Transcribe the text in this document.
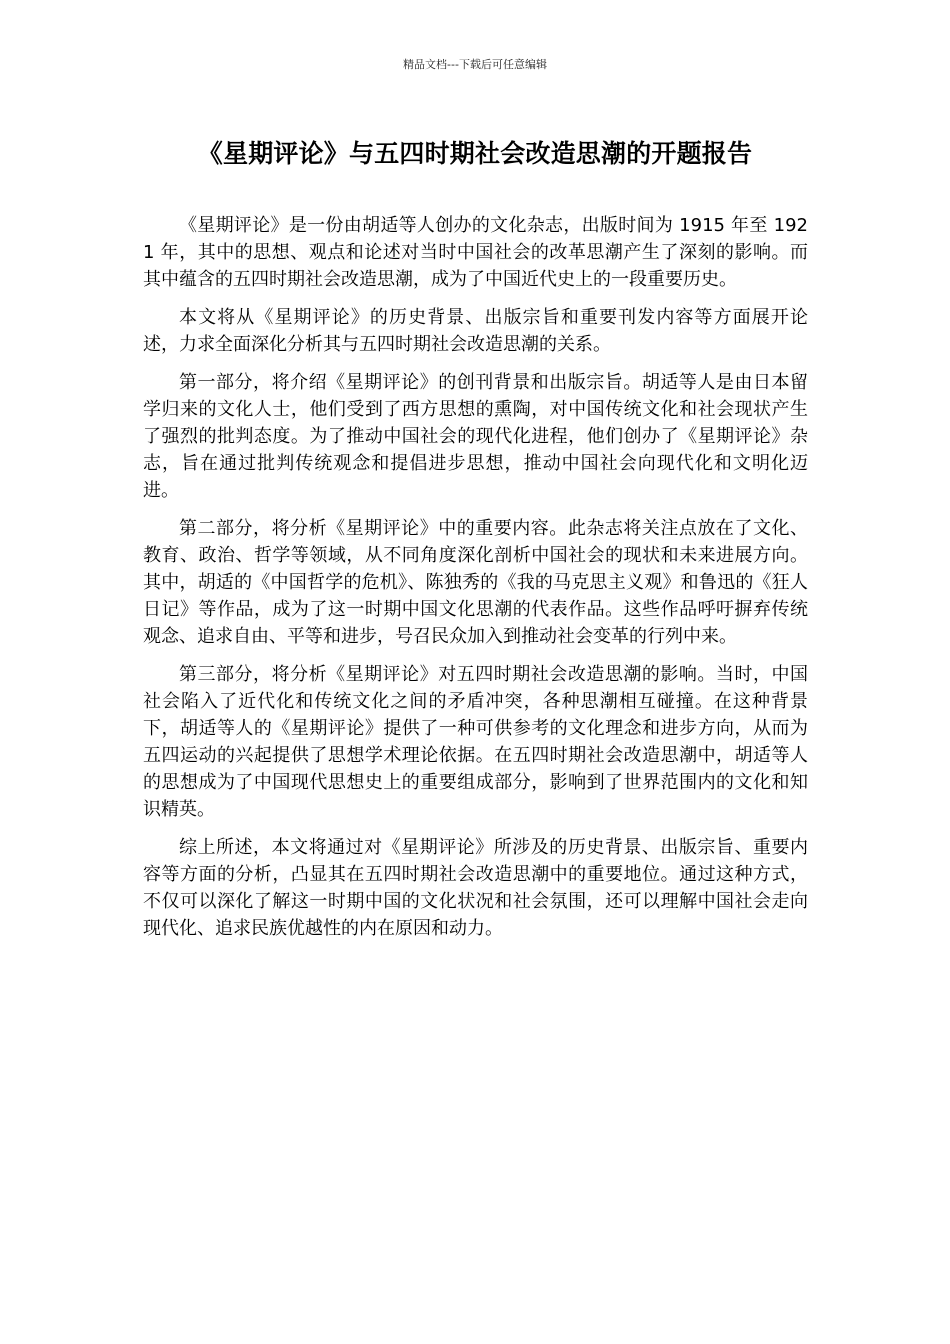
精品文档---下载后可任意编辑
《星期评论》与五四时期社会改造思潮的开题报告

《星期评论》是一份由胡适等人创办的文化杂志，出版时间为 1915 年至 1921 年，其中的思想、观点和论述对当时中国社会的改革思潮产生了深刻的影响。而其中蕴含的五四时期社会改造思潮，成为了中国近代史上的一段重要历史。

本文将从《星期评论》的历史背景、出版宗旨和重要刊发内容等方面展开论述，力求全面深化分析其与五四时期社会改造思潮的关系。

第一部分，将介绍《星期评论》的创刊背景和出版宗旨。胡适等人是由日本留学归来的文化人士，他们受到了西方思想的熏陶，对中国传统文化和社会现状产生了强烈的批判态度。为了推动中国社会的现代化进程，他们创办了《星期评论》杂志，旨在通过批判传统观念和提倡进步思想，推动中国社会向现代化和文明化迈进。

第二部分，将分析《星期评论》中的重要内容。此杂志将关注点放在了文化、教育、政治、哲学等领域，从不同角度深化剖析中国社会的现状和未来进展方向。其中，胡适的《中国哲学的危机》、陈独秀的《我的马克思主义观》和鲁迅的《狂人日记》等作品，成为了这一时期中国文化思潮的代表作品。这些作品呼吁摒弃传统观念、追求自由、平等和进步，号召民众加入到推动社会变革的行列中来。

第三部分，将分析《星期评论》对五四时期社会改造思潮的影响。当时，中国社会陷入了近代化和传统文化之间的矛盾冲突，各种思潮相互碰撞。在这种背景下，胡适等人的《星期评论》提供了一种可供参考的文化理念和进步方向，从而为五四运动的兴起提供了思想学术理论依据。在五四时期社会改造思潮中，胡适等人的思想成为了中国现代思想史上的重要组成部分，影响到了世界范围内的文化和知识精英。

综上所述，本文将通过对《星期评论》所涉及的历史背景、出版宗旨、重要内容等方面的分析，凸显其在五四时期社会改造思潮中的重要地位。通过这种方式，不仅可以深化了解这一时期中国的文化状况和社会氛围，还可以理解中国社会走向现代化、追求民族优越性的内在原因和动力。
